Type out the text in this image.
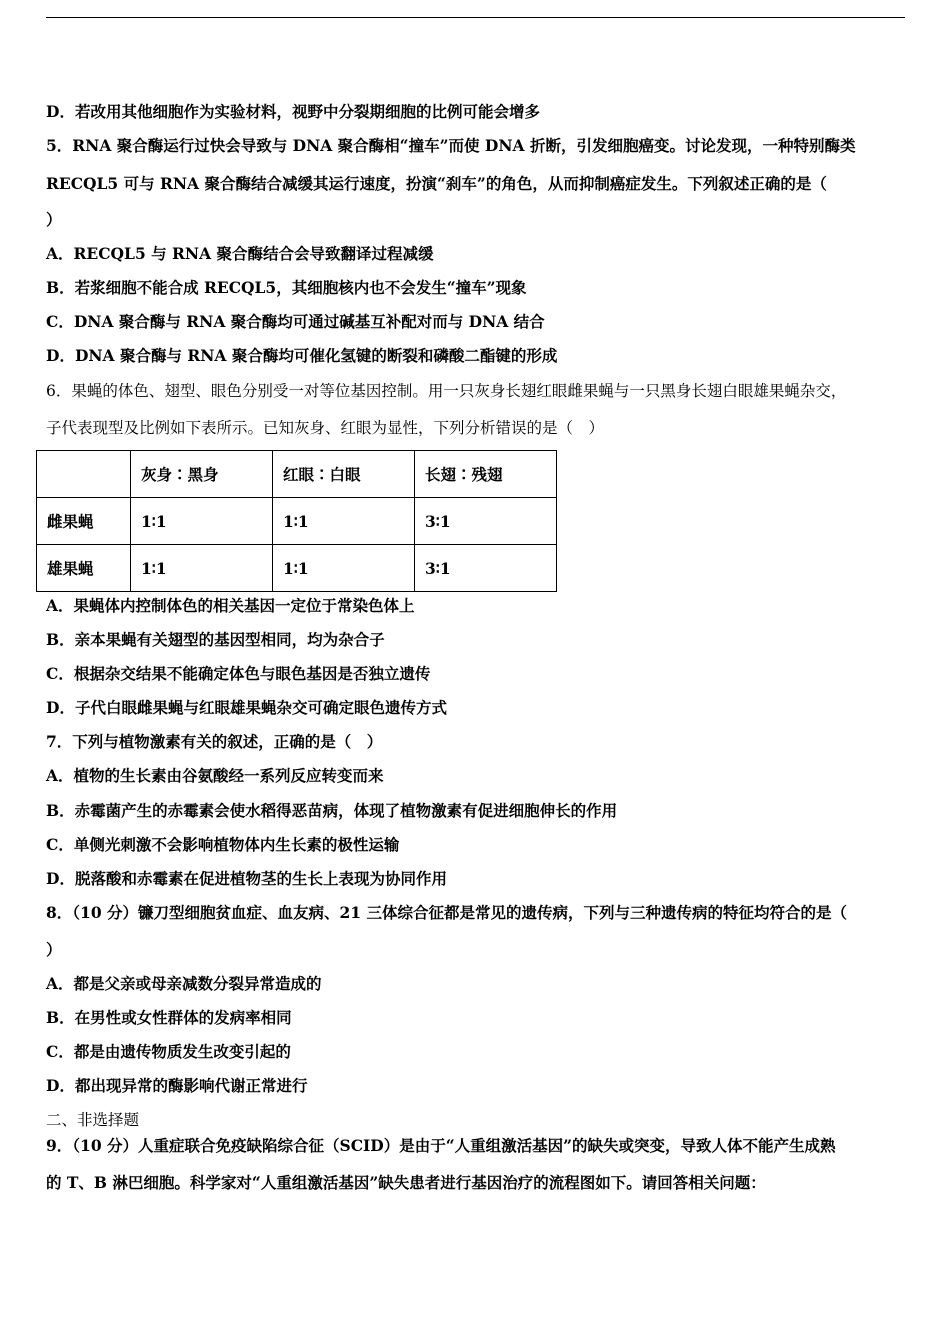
D．若改用其他细胞作为实验材料，视野中分裂期细胞的比例可能会增多
5．RNA 聚合酶运行过快会导致与 DNA 聚合酶相“撞车”而使 DNA 折断，引发细胞癌变。讨论发现，一种特别酶类
RECQL5 可与 RNA 聚合酶结合减缓其运行速度，扮演“刹车”的角色，从而抑制癌症发生。下列叙述正确的是（
）
A．RECQL5 与 RNA 聚合酶结合会导致翻译过程减缓
B．若浆细胞不能合成 RECQL5，其细胞核内也不会发生“撞车”现象
C．DNA 聚合酶与 RNA 聚合酶均可通过碱基互补配对而与 DNA 结合
D．DNA 聚合酶与 RNA 聚合酶均可催化氢键的断裂和磷酸二酯键的形成
6．果蝇的体色、翅型、眼色分别受一对等位基因控制。用一只灰身长翅红眼雌果蝇与一只黑身长翅白眼雄果蝇杂交，
子代表现型及比例如下表所示。已知灰身、红眼为显性，下列分析错误的是（　）
	灰身∶黑身	红眼∶白眼	长翅∶残翅
雌果蝇	1∶1	1∶1	3∶1
雄果蝇	1∶1	1∶1	3∶1
A．果蝇体内控制体色的相关基因一定位于常染色体上
B．亲本果蝇有关翅型的基因型相同，均为杂合子
C．根据杂交结果不能确定体色与眼色基因是否独立遗传
D．子代白眼雌果蝇与红眼雄果蝇杂交可确定眼色遗传方式
7．下列与植物激素有关的叙述，正确的是（　）
A．植物的生长素由谷氨酸经一系列反应转变而来
B．赤霉菌产生的赤霉素会使水稻得恶苗病，体现了植物激素有促进细胞伸长的作用
C．单侧光刺激不会影响植物体内生长素的极性运输
D．脱落酸和赤霉素在促进植物茎的生长上表现为协同作用
8．（10 分）镰刀型细胞贫血症、血友病、21 三体综合征都是常见的遗传病，下列与三种遗传病的特征均符合的是（
）
A．都是父亲或母亲减数分裂异常造成的
B．在男性或女性群体的发病率相同
C．都是由遗传物质发生改变引起的
D．都出现异常的酶影响代谢正常进行
二、非选择题
9．（10 分）人重症联合免疫缺陷综合征（SCID）是由于“人重组激活基因”的缺失或突变，导致人体不能产生成熟
的 T、B 淋巴细胞。科学家对“人重组激活基因”缺失患者进行基因治疗的流程图如下。请回答相关问题：
